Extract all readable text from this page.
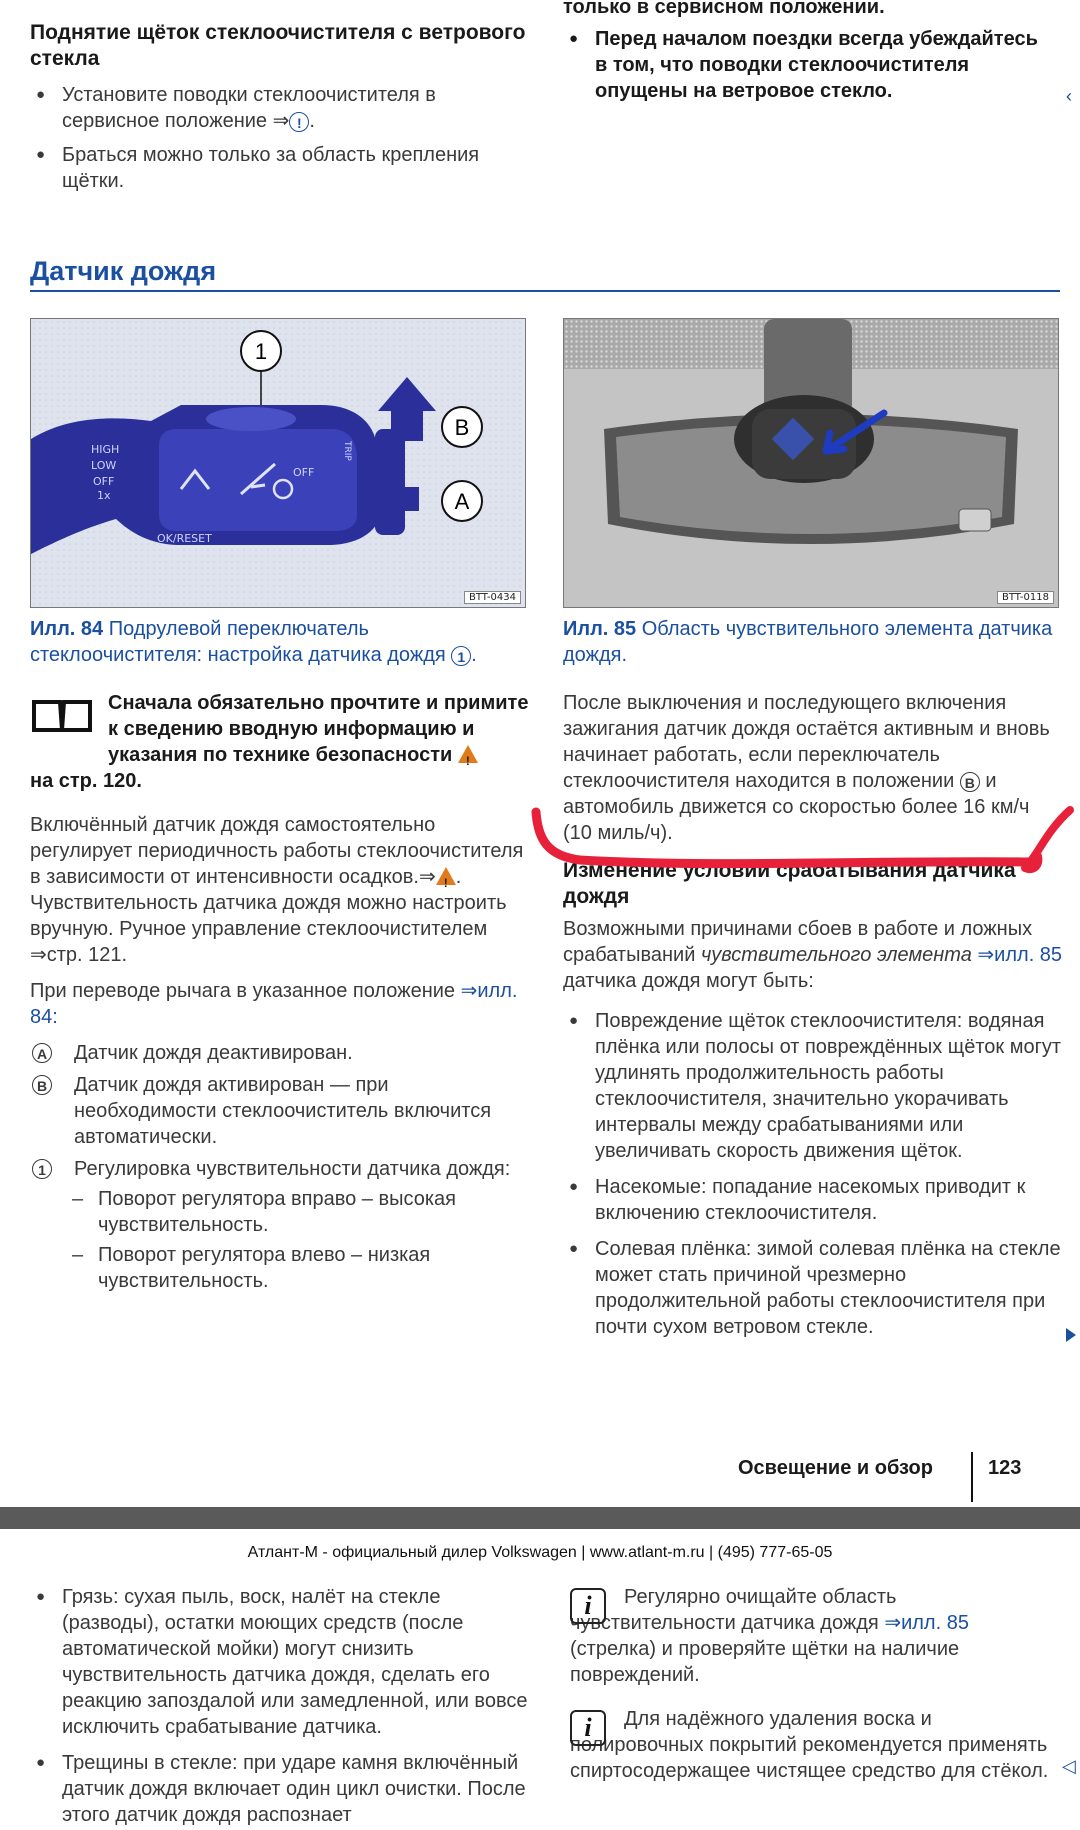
Поднятие щёток стеклоочистителя с ветрового стекла

● Установите поводки стеклоочистителя в сервисное положение ⇒ ! .

● Браться можно только за область крепления щётки.

только в сервисном положении.

● Перед началом поездки всегда убеждайтесь в том, что поводки стеклоочистителя опущены на ветровое стекло.	‹
Датчик дождя
HIGH
LOW
OFF
1x
OFF
OK/RESET
TRIP
1
B
A
BTT-0434	BTT-0118

Илл. 84 Подрулевой переключатель стеклоочистителя: настройка датчика дождя 1 .

Илл. 85 Область чувствительного элемента датчика дождя.

Сначала обязательно прочтите и примите к сведению вводную информацию и указания по технике безопасности !

на стр. 120.

Включённый датчик дождя самостоятельно регулирует периодичность работы стеклоочистителя в зависимости от интенсивности осадков.⇒! . Чувствительность датчика дождя можно настроить вручную. Ручное управление стеклоочистителем ⇒стр. 121.

При переводе рычага в указанное положение ⇒илл. 84:

A Датчик дождя деактивирован.

B Датчик дождя активирован — при необходимости стеклоочиститель включится автоматически.

1	Регулировка чувствительности датчика дождя:

– Поворот регулятора вправо – высокая чувствительность.

– Поворот регулятора влево – низкая чувствительность.

После выключения и последующего включения зажигания датчик дождя остаётся активным и вновь начинает работать, если переключатель стеклоочистителя находится в положении B и автомобиль движется со скоростью более 16 км/ч (10 миль/ч).

Изменение условий срабатывания датчика дождя

Возможными причинами сбоев в работе и ложных срабатываний чувствительного элемента ⇒илл. 85 датчика дождя могут быть:

● Повреждение щёток стеклоочистителя: водяная плёнка или полосы от повреждённых щёток могут удлинять продолжительность работы стеклоочистителя, значительно укорачивать интервалы между срабатываниями или увеличивать скорость движения щёток.

● Насекомые: попадание насекомых приводит к включению стеклоочистителя.

● Солевая плёнка: зимой солевая плёнка на стекле может стать причиной чрезмерно продолжительной работы стеклоочистителя при почти сухом ветровом стекле.

Освещение и обзор	123
Атлант-М - официальный дилер Volkswagen | www.atlant-m.ru | (495) 777-65-05

● Грязь: сухая пыль, воск, налёт на стекле (разводы), остатки моющих средств (после автоматической мойки) могут снизить чувствительность датчика дождя, сделать его реакцию запоздалой или замедленной, или вовсе исключить срабатывание датчика.

● Трещины в стекле: при ударе камня включённый датчик дождя включает один цикл очистки. После этого датчик дождя распознает

i	Регулярно очищайте область чувствительности датчика дождя ⇒илл. 85 (стрелка) и проверяйте щётки на наличие повреждений.

i	Для надёжного удаления воска и полировочных покрытий рекомендуется применять спиртосодержащее чистящее средство для стёкол. ◁
